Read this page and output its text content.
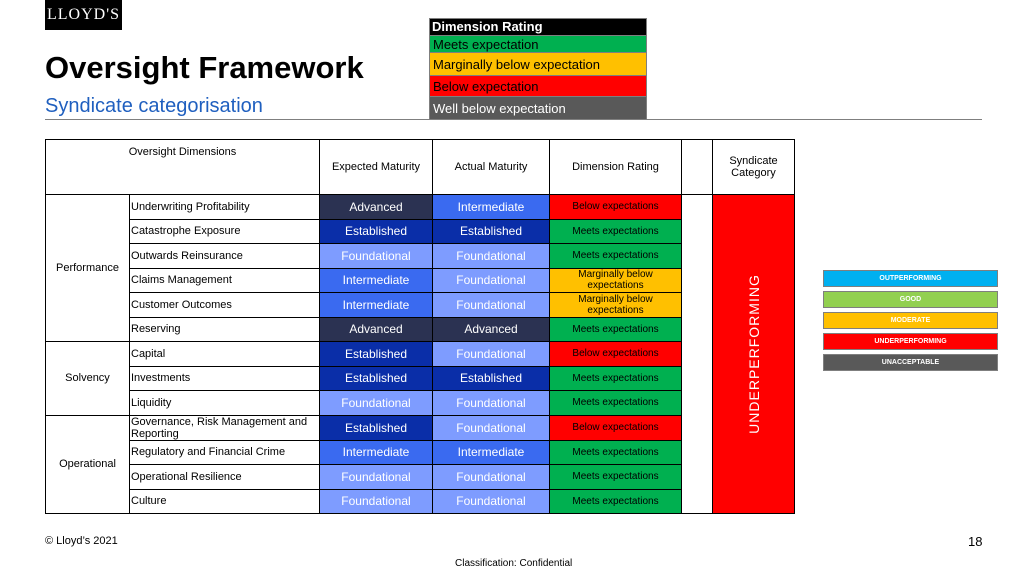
LLOYD'S
Oversight Framework
Syndicate categorisation
Dimension Rating
Meets expectation
Marginally below expectation
Below expectation
Well below expectation
Oversight Dimensions		Expected Maturity	Actual Maturity	Dimension Rating		Syndicate Category
Performance	Underwriting Profitability	Advanced	Intermediate	Below expectations		UNDERPERFORMING

	Catastrophe Exposure	Established	Established	Meets expectations		
	Outwards Reinsurance	Foundational	Foundational	Meets expectations		
	Claims Management	Intermediate	Foundational	Marginally below expectations		
	Customer Outcomes	Intermediate	Foundational	Marginally below expectations		
	Reserving	Advanced	Advanced	Meets expectations		
Solvency	Capital	Established	Foundational	Below expectations		
	Investments	Established	Established	Meets expectations		
	Liquidity	Foundational	Foundational	Meets expectations		
Operational	Governance, Risk Management and Reporting	Established	Foundational	Below expectations		
	Regulatory and Financial Crime	Intermediate	Intermediate	Meets expectations		
	Operational Resilience	Foundational	Foundational	Meets expectations		
	Culture	Foundational	Foundational	Meets expectations		
OUTPERFORMING
GOOD
MODERATE
UNDERPERFORMING
UNACCEPTABLE
© Lloyd’s 2021	18
Classification: Confidential
